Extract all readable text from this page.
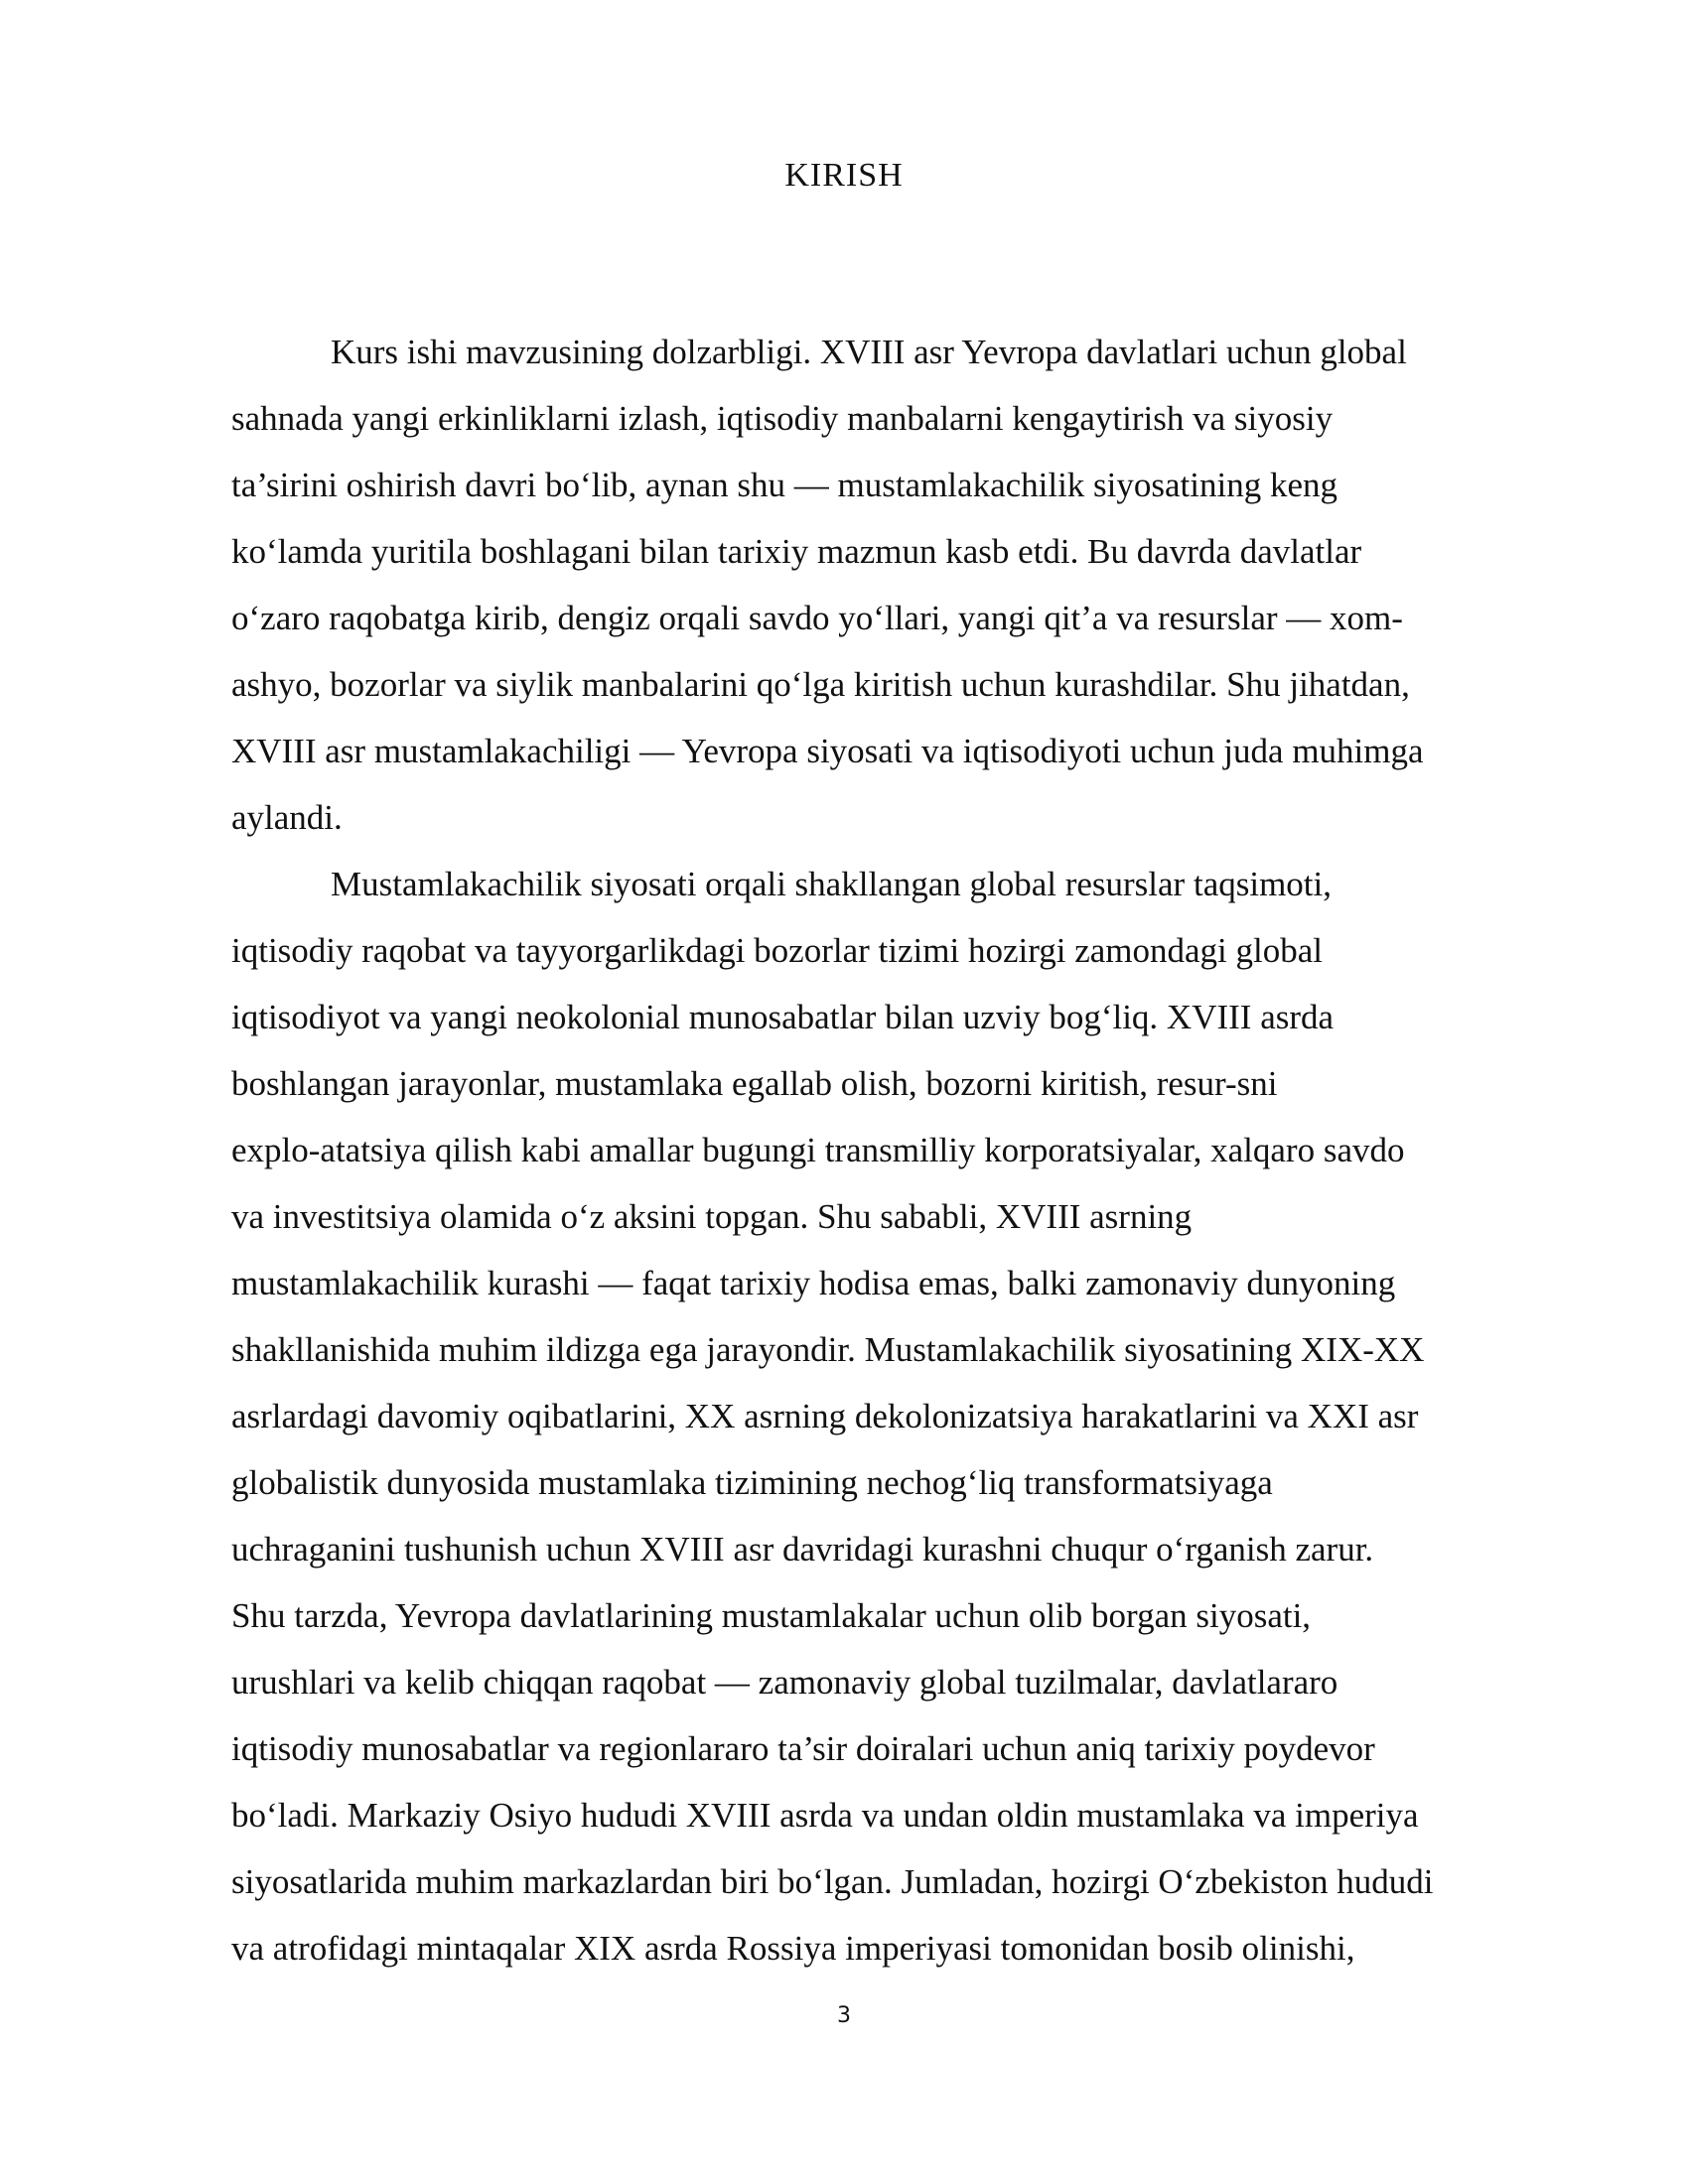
KIRISH
Kurs ishi mavzusining dolzarbligi. XVIII asr Yevropa davlatlari uchun global
sahnada yangi erkinliklarni izlash, iqtisodiy manbalarni kengaytirish va siyosiy
ta’sirini oshirish davri bo‘lib, aynan shu — mustamlakachilik siyosatining keng
ko‘lamda yuritila boshlagani bilan tarixiy mazmun kasb etdi. Bu davrda davlatlar
o‘zaro raqobatga kirib, dengiz orqali savdo yo‘llari, yangi qit’a va resurslar — xom-
ashyo, bozorlar va siylik manbalarini qo‘lga kiritish uchun kurashdilar. Shu jihatdan,
XVIII asr mustamlakachiligi — Yevropa siyosati va iqtisodiyoti uchun juda muhimga
aylandi.
Mustamlakachilik siyosati orqali shakllangan global resurslar taqsimoti,
iqtisodiy raqobat va tayyorgarlikdagi bozorlar tizimi hozirgi zamondagi global
iqtisodiyot va yangi neokolonial munosabatlar bilan uzviy bog‘liq. XVIII asrda
boshlangan jarayonlar, mustamlaka egallab olish, bozorni kiritish, resur-sni
explo-atatsiya qilish kabi amallar bugungi transmilliy korporatsiyalar, xalqaro savdo
va investitsiya olamida o‘z aksini topgan. Shu sababli, XVIII asrning
mustamlakachilik kurashi — faqat tarixiy hodisa emas, balki zamonaviy dunyoning
shakllanishida muhim ildizga ega jarayondir. Mustamlakachilik siyosatining XIX-XX
asrlardagi davomiy oqibatlarini, XX asrning dekolonizatsiya harakatlarini va XXI asr
globalistik dunyosida mustamlaka tizimining nechog‘liq transformatsiyaga
uchraganini tushunish uchun XVIII asr davridagi kurashni chuqur o‘rganish zarur.
Shu tarzda, Yevropa davlatlarining mustamlakalar uchun olib borgan siyosati,
urushlari va kelib chiqqan raqobat — zamonaviy global tuzilmalar, davlatlararo
iqtisodiy munosabatlar va regionlararo ta’sir doiralari uchun aniq tarixiy poydevor
bo‘ladi. Markaziy Osiyo hududi XVIII asrda va undan oldin mustamlaka va imperiya
siyosatlarida muhim markazlardan biri bo‘lgan. Jumladan, hozirgi O‘zbekiston hududi
va atrofidagi mintaqalar XIX asrda Rossiya imperiyasi tomonidan bosib olinishi,
3
